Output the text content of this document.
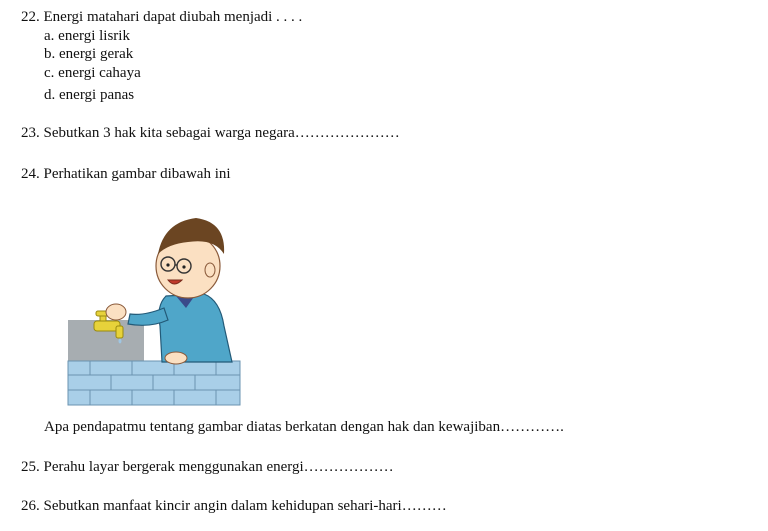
22. Energi matahari dapat diubah menjadi . . . .
a. energi lisrik
b. energi gerak
c. energi cahaya
d. energi panas
23. Sebutkan 3 hak kita sebagai warga negara…………………
24. Perhatikan gambar dibawah ini
Apa pendapatmu tentang gambar diatas berkatan dengan hak dan kewajiban………….
25. Perahu layar bergerak menggunakan energi………………
26. Sebutkan manfaat kincir angin dalam kehidupan sehari-hari………
